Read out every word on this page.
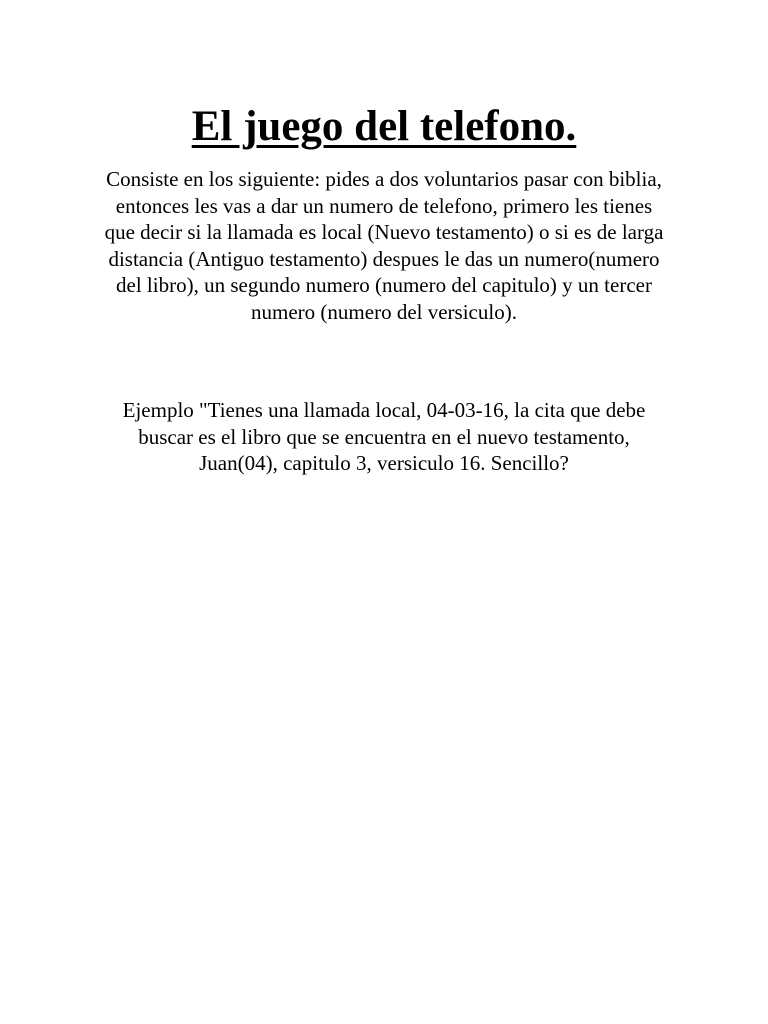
El juego del telefono.

Consiste en los siguiente: pides a dos voluntarios pasar con biblia, entonces les vas a dar un numero de telefono, primero les tienes que decir si la llamada es local (Nuevo testamento) o si es de larga distancia (Antiguo testamento) despues le das un numero(numero del libro), un segundo numero (numero del capitulo) y un tercer numero (numero del versiculo).

Ejemplo "Tienes una llamada local, 04-03-16, la cita que debe buscar es el libro que se encuentra en el nuevo testamento, Juan(04), capitulo 3, versiculo 16. Sencillo?
